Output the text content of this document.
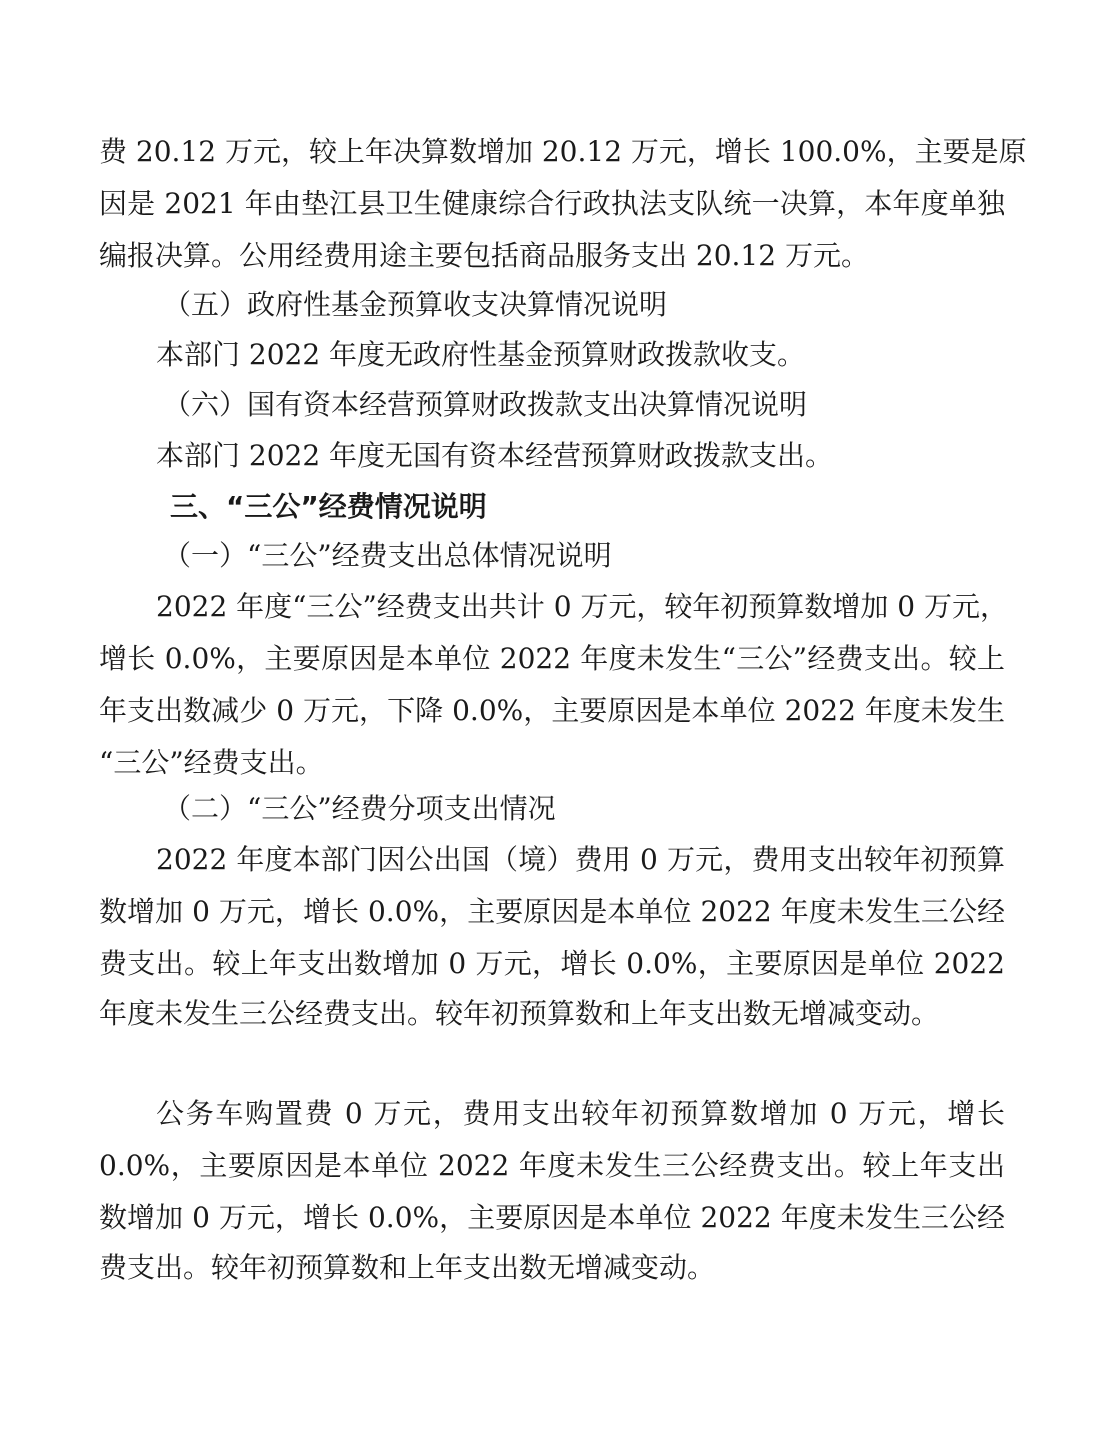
费 20.12 万元，较上年决算数增加 20.12 万元，增长 100.0%，主要是原
因是 2021 年由垫江县卫生健康综合行政执法支队统一决算，本年度单独
编报决算。公用经费用途主要包括商品服务支出 20.12 万元。
（五）政府性基金预算收支决算情况说明
本部门 2022 年度无政府性基金预算财政拨款收支。
（六）国有资本经营预算财政拨款支出决算情况说明
本部门 2022 年度无国有资本经营预算财政拨款支出。
三、“三公”经费情况说明
（一）“三公”经费支出总体情况说明
2022 年度“三公”经费支出共计 0 万元，较年初预算数增加 0 万元，
增长 0.0%，主要原因是本单位 2022 年度未发生“三公”经费支出。较上
年支出数减少 0 万元，下降 0.0%，主要原因是本单位 2022 年度未发生
“三公”经费支出。
（二）“三公”经费分项支出情况
2022 年度本部门因公出国（境）费用 0 万元，费用支出较年初预算
数增加 0 万元，增长 0.0%，主要原因是本单位 2022 年度未发生三公经
费支出。较上年支出数增加 0 万元，增长 0.0%，主要原因是单位 2022
年度未发生三公经费支出。较年初预算数和上年支出数无增减变动。
公务车购置费 0 万元，费用支出较年初预算数增加 0 万元，增长
0.0%，主要原因是本单位 2022 年度未发生三公经费支出。较上年支出
数增加 0 万元，增长 0.0%，主要原因是本单位 2022 年度未发生三公经
费支出。较年初预算数和上年支出数无增减变动。
